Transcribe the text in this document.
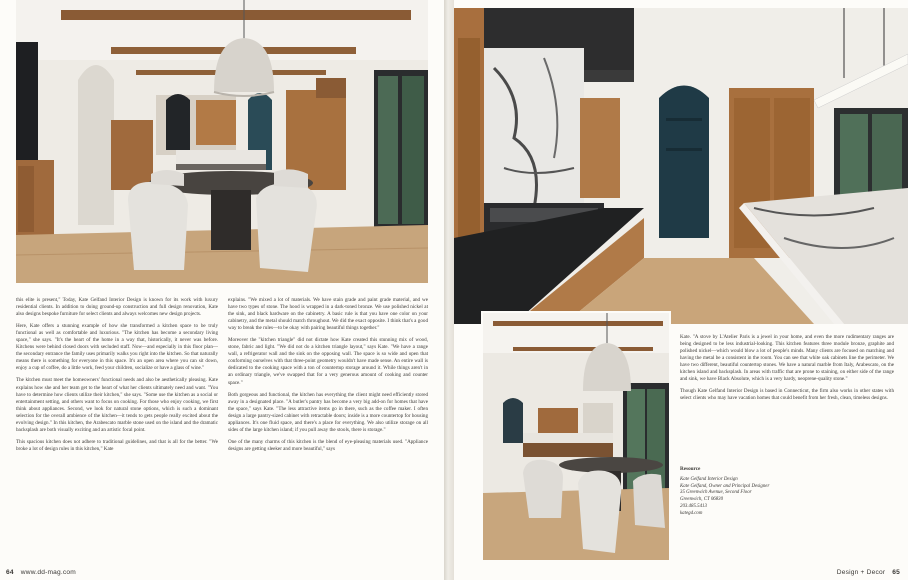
this elite is present," Today, Kate Gelfand Interior Design is known for its work with luxury residential clients. In addition to doing ground-up construction and full design renovation, Kate also designs bespoke furniture for select clients and always welcomes new design projects.

Here, Kate offers a stunning example of how she transformed a kitchen space to be truly functional as well as comfortable and luxurious. "The kitchen has become a secondary living space," she says. "It's the heart of the home in a way that, historically, it never was before. Kitchens were behind closed doors with secluded staff. Now—and especially in this floor plan—the secondary entrance the family uses primarily walks you right into the kitchen. So that naturally means there is something for everyone in this space. It's an open area where you can sit down, enjoy a cup of coffee, do a little work, feed your children, socialize or have a glass of wine."

The kitchen must meet the homeowners' functional needs and also be aesthetically pleasing. Kate explains how she and her team get to the heart of what her clients ultimately need and want. "You have to determine how clients utilize their kitchen," she says. "Some use the kitchen as a social or entertainment setting, and others want to focus on cooking. For those who enjoy cooking, we first think about appliances. Second, we look for natural stone options, which is such a dominant selection for the overall ambience of the kitchen—it tends to gets people really excited about the evolving design." In this kitchen, the Arabescato marble stone used on the island and the dramatic backsplash are both visually exciting and an artistic focal point.

This spacious kitchen does not adhere to traditional guidelines, and that is all for the better. "We broke a lot of design rules in this kitchen," Kate

explains. "We mixed a lot of materials. We have stain grade and paint grade material, and we have two types of stone. The hood is wrapped in a dark-toned bronze. We use polished nickel at the sink, and black hardware on the cabinetry. A basic rule is that you have one color on your cabinetry, and the metal should match throughout. We did the exact opposite. I think that's a good way to break the rules—to be okay with pairing beautiful things together."

Moreover the "kitchen triangle" did not dictate how Kate created this stunning mix of wood, stone, fabric and light. "We did not do a kitchen triangle layout," says Kate. "We have a range wall, a refrigerator wall and the sink on the opposing wall. The space is so wide and open that conforming ourselves with that three-point geometry wouldn't have made sense. An entire wall is dedicated to the cooking space with a ton of countertop storage around it. While things aren't in an ordinary triangle, we've swapped that for a very generous amount of cooking and counter space."

Both gorgeous and functional, the kitchen has everything the client might need efficiently stored away in a designated place. "A butler's pantry has become a very big add-on for homes that have the space," says Kate. "The less attractive items go in there, such as the coffee maker. I often design a large pantry-sized cabinet with retractable doors; inside is a more countertop for housing appliances. It's one fluid space, and there's a place for everything. We also utilize storage on all sides of the large kitchen island; if you pull away the stools, there is storage."

One of the many charms of this kitchen is the blend of eye-pleasing materials used. "Appliance designs are getting sleeker and more beautiful," says

64 www.dd-mag.com

Kate. "A stove by L'Atelier Paris is a jewel in your home, and even the more rudimentary ranges are being designed to be less industrial-looking. This kitchen features three module bronze, graphite and polished nickel—which would blow a lot of people's minds. Many clients are focused on matching and having the metal be a consistent in the room. You can see that white oak cabinets line the perimeter. We have two different, beautiful countertop stones. We have a natural marble from Italy, Arabescato, on the kitchen island and backsplash. In areas with traffic that are prone to staining, on either side of the range and sink, we have Black Absolute, which is a very hardy, neoprene-quality stone."

Though Kate Gelfand Interior Design is based in Connecticut, the firm also works in other states with select clients who may have vacation homes that could benefit from her fresh, clean, timeless designs.

Resource
Kate Gelfand Interior Design
Kate Gelfand, Owner and Principal Designer
35 Greenwich Avenue, Second Floor
Greenwich, CT 06830
203.485.5413
kategd.com
Design + Decor 65
